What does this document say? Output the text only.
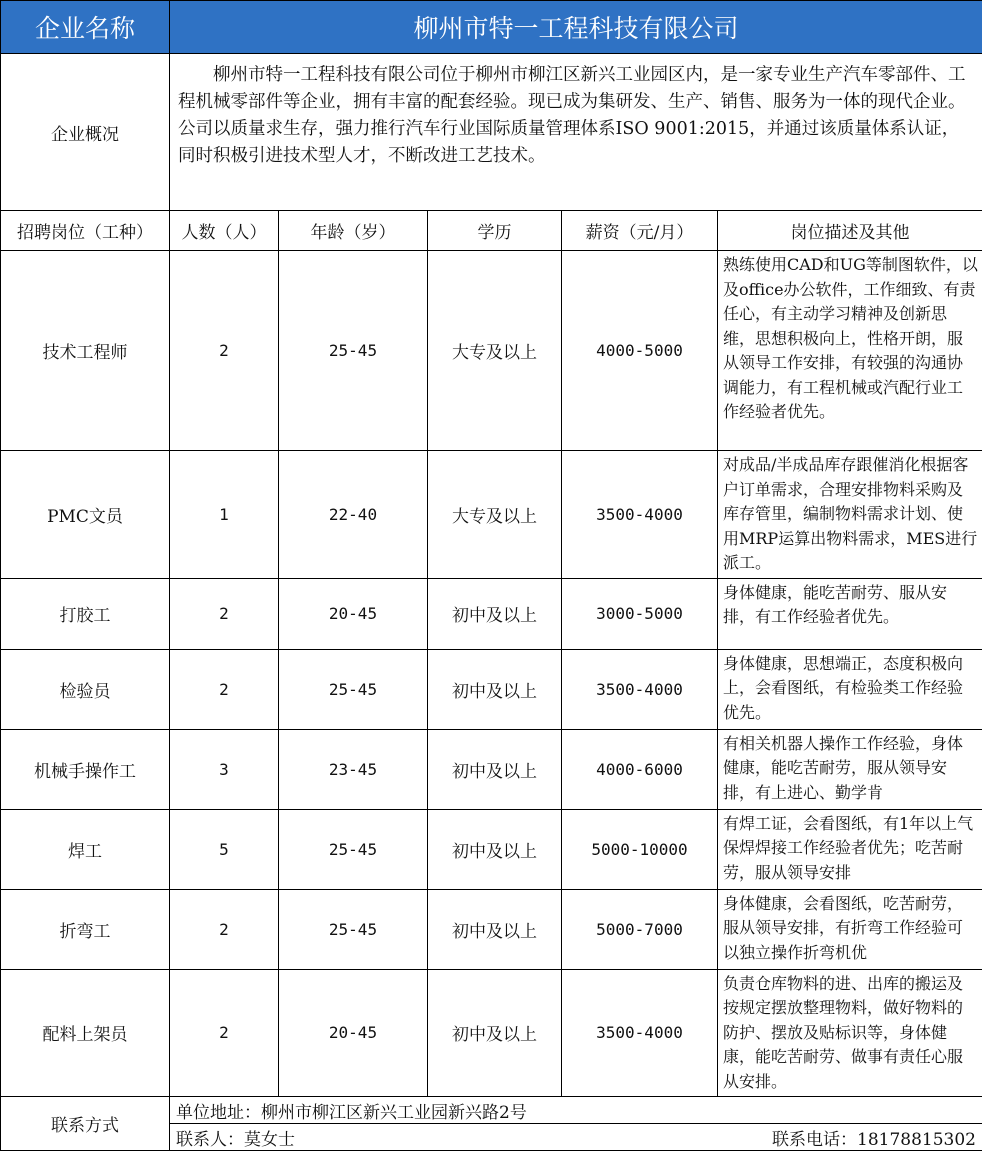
企业名称	柳州市特一工程科技有限公司				
企业概况	柳州市特一工程科技有限公司位于柳州市柳江区新兴工业园区内，是一家专业生产汽车零部件、工程机械零部件等企业，拥有丰富的配套经验。现已成为集研发、生产、销售、服务为一体的现代企业。公司以质量求生存，强力推行汽车行业国际质量管理体系ISO 9001:2015，并通过该质量体系认证，同时积极引进技术型人才，不断改进工艺技术。				
招聘岗位（工种）	人数（人）	年龄（岁）	学历	薪资（元/月）	岗位描述及其他
技术工程师	2	25-45	大专及以上	4000-5000	熟练使用CAD和UG等制图软件，以及office办公软件，工作细致、有责任心，有主动学习精神及创新思维，思想积极向上，性格开朗，服从领导工作安排，有较强的沟通协调能力，有工程机械或汽配行业工作经验者优先。
PMC文员	1	22-40	大专及以上	3500-4000	对成品/半成品库存跟催消化根据客户订单需求，合理安排物料采购及库存管里，编制物料需求计划、使用MRP运算出物料需求，MES进行派工。
打胶工	2	20-45	初中及以上	3000-5000	身体健康，能吃苦耐劳、服从安排，有工作经验者优先。
检验员	2	25-45	初中及以上	3500-4000	身体健康，思想端正，态度积极向上，会看图纸，有检验类工作经验优先。
机械手操作工	3	23-45	初中及以上	4000-6000	有相关机器人操作工作经验，身体健康，能吃苦耐劳，服从领导安排，有上进心、勤学肯
焊工	5	25-45	初中及以上	5000-10000	有焊工证，会看图纸，有1年以上气保焊焊接工作经验者优先；吃苦耐劳，服从领导安排
折弯工	2	25-45	初中及以上	5000-7000	身体健康，会看图纸，吃苦耐劳，服从领导安排，有折弯工作经验可以独立操作折弯机优
配料上架员	2	20-45	初中及以上	3500-4000	负责仓库物料的进、出库的搬运及按规定摆放整理物料，做好物料的防护、摆放及贴标识等，身体健康，能吃苦耐劳、做事有责任心服从安排。
联系方式	单位地址：柳州市柳江区新兴工业园新兴路2号				

	联系人：莫女士 联系电话：18178815302				
